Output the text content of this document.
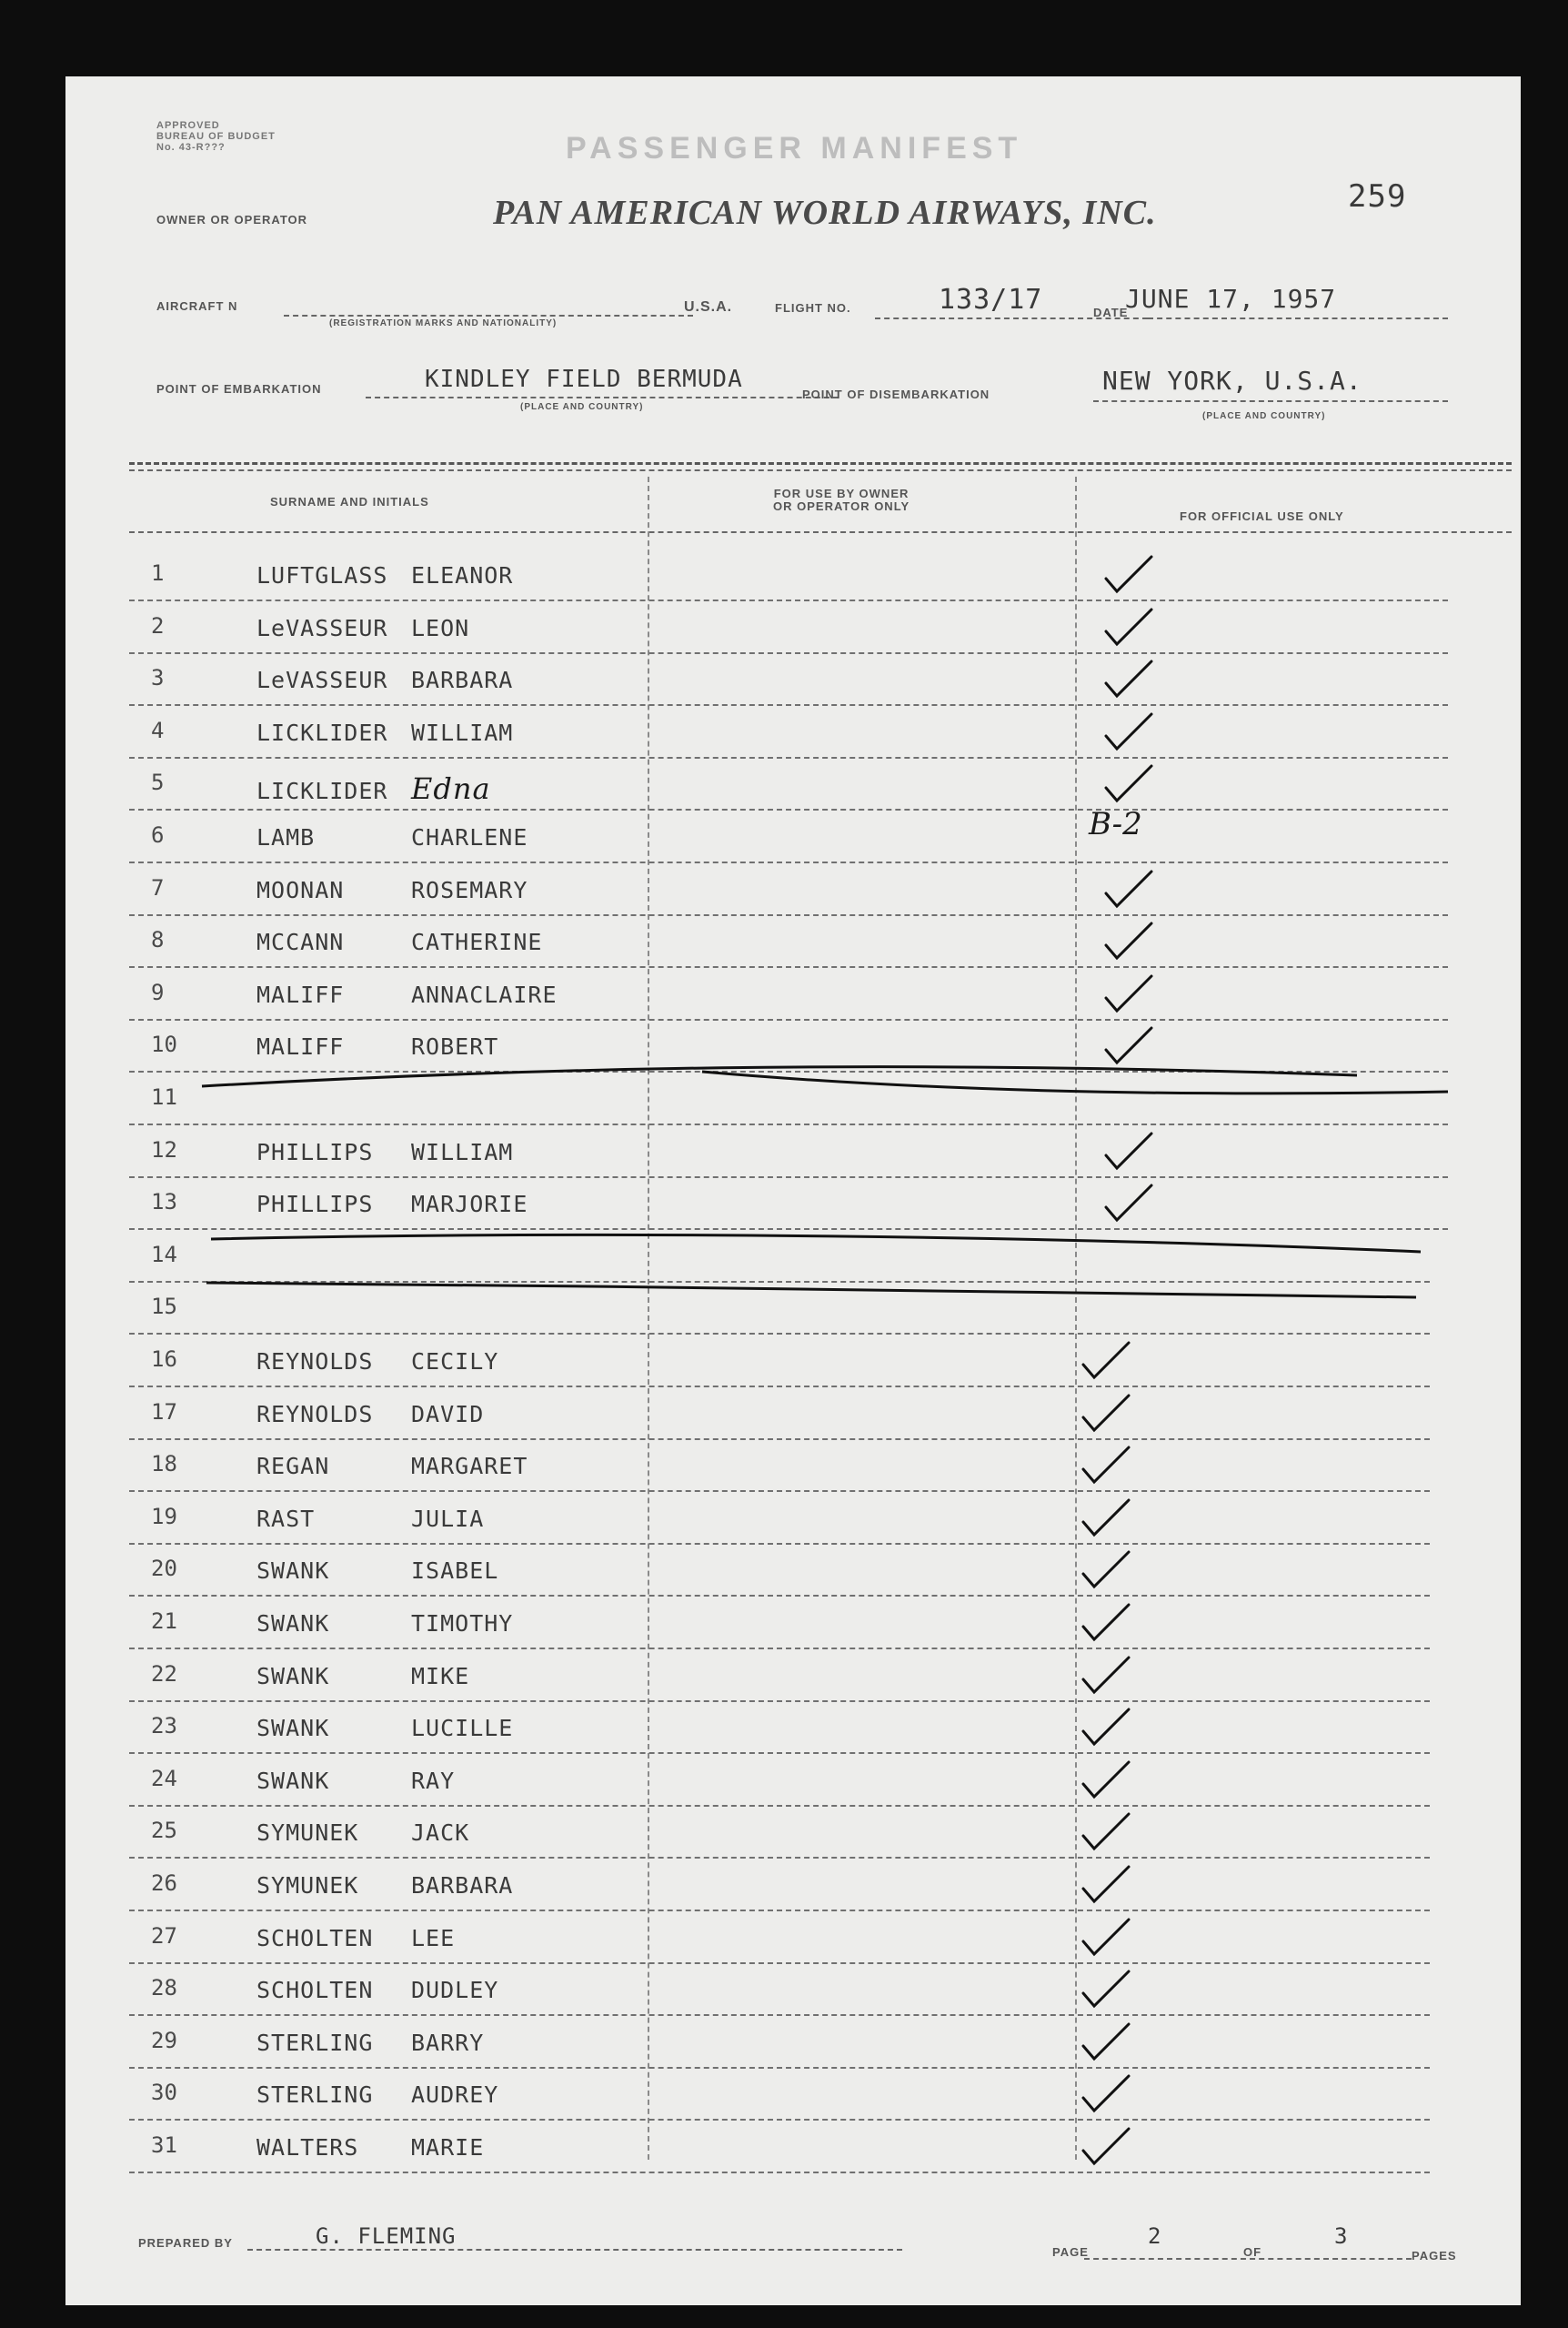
APPROVED
BUREAU OF BUDGET
No. 43-R???	PASSENGER MANIFEST
OWNER OR OPERATOR	PAN AMERICAN WORLD AIRWAYS, INC.	259
AIRCRAFT N
(REGISTRATION MARKS AND NATIONALITY)
U.S.A.	FLIGHT NO.	133/17	DATE
JUNE 17, 1957
POINT OF EMBARKATION	KINDLEY FIELD BERMUDA
(PLACE AND COUNTRY)
POINT OF DISEMBARKATION	NEW YORK, U.S.A.
(PLACE AND COUNTRY)
SURNAME AND INITIALS
FOR USE BY OWNER
OR OPERATOR ONLY
FOR OFFICIAL USE ONLY
1	LUFTGLASS ELEANOR
2	LeVASSEUR LEON
3	LeVASSEUR BARBARA
4	LICKLIDER WILLIAM
5	LICKLIDER Edna
6	LAMB	CHARLENE	B-2
7	MOONAN	ROSEMARY
8	MCCANN	CATHERINE
9	MALIFF	ANNACLAIRE
10	MALIFF	ROBERT
11
12	PHILLIPS WILLIAM
13	PHILLIPS MARJORIE
14
15
16	REYNOLDS CECILY
17	REYNOLDS DAVID
18	REGAN	MARGARET
19	RAST	JULIA
20	SWANK	ISABEL
21	SWANK	TIMOTHY
22	SWANK	MIKE
23	SWANK	LUCILLE
24	SWANK	RAY
25	SYMUNEK JACK
26	SYMUNEK BARBARA
27	SCHOLTEN LEE
28	SCHOLTEN DUDLEY
29	STERLING BARRY
30	STERLING AUDREY
31	WALTERS MARIE
PREPARED BY	G. FLEMING
PAGE
2
OF
3
PAGES
